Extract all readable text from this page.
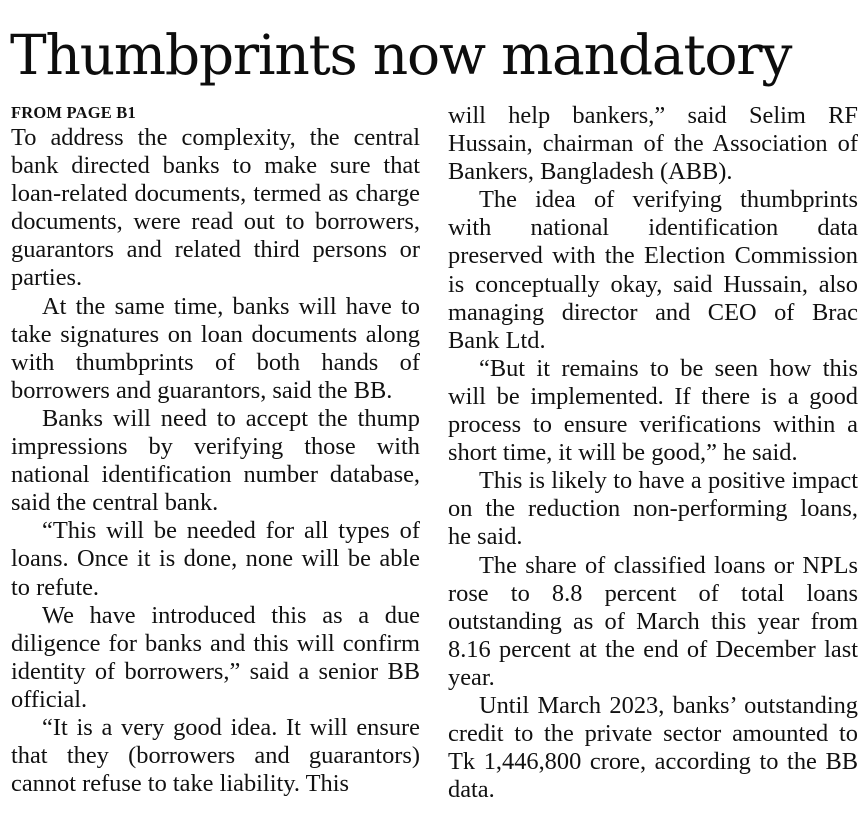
Thumbprints now mandatory
FROM PAGE B1

To address the complexity, the central bank directed banks to make sure that loan-related documents, termed as charge documents, were read out to borrowers, guarantors and related third persons or parties.

At the same time, banks will have to take signatures on loan documents along with thumbprints of both hands of borrowers and guarantors, said the BB.

Banks will need to accept the thump impressions by verifying those with national identification number database, said the central bank.

“This will be needed for all types of loans. Once it is done, none will be able to refute.

We have introduced this as a due diligence for banks and this will confirm identity of borrowers,” said a senior BB official.

“It is a very good idea. It will ensure that they (borrowers and guarantors) cannot refuse to take liability. This

will help bankers,” said Selim RF Hussain, chairman of the Association of Bankers, Bangladesh (ABB).

The idea of verifying thumbprints with national identification data preserved with the Election Commission is conceptually okay, said Hussain, also managing director and CEO of Brac Bank Ltd.

“But it remains to be seen how this will be implemented. If there is a good process to ensure verifications within a short time, it will be good,” he said.

This is likely to have a positive impact on the reduction non-performing loans, he said.

The share of classified loans or NPLs rose to 8.8 percent of total loans outstanding as of March this year from 8.16 percent at the end of December last year.

Until March 2023, banks’ outstanding credit to the private sector amounted to Tk 1,446,800 crore, according to the BB data.
